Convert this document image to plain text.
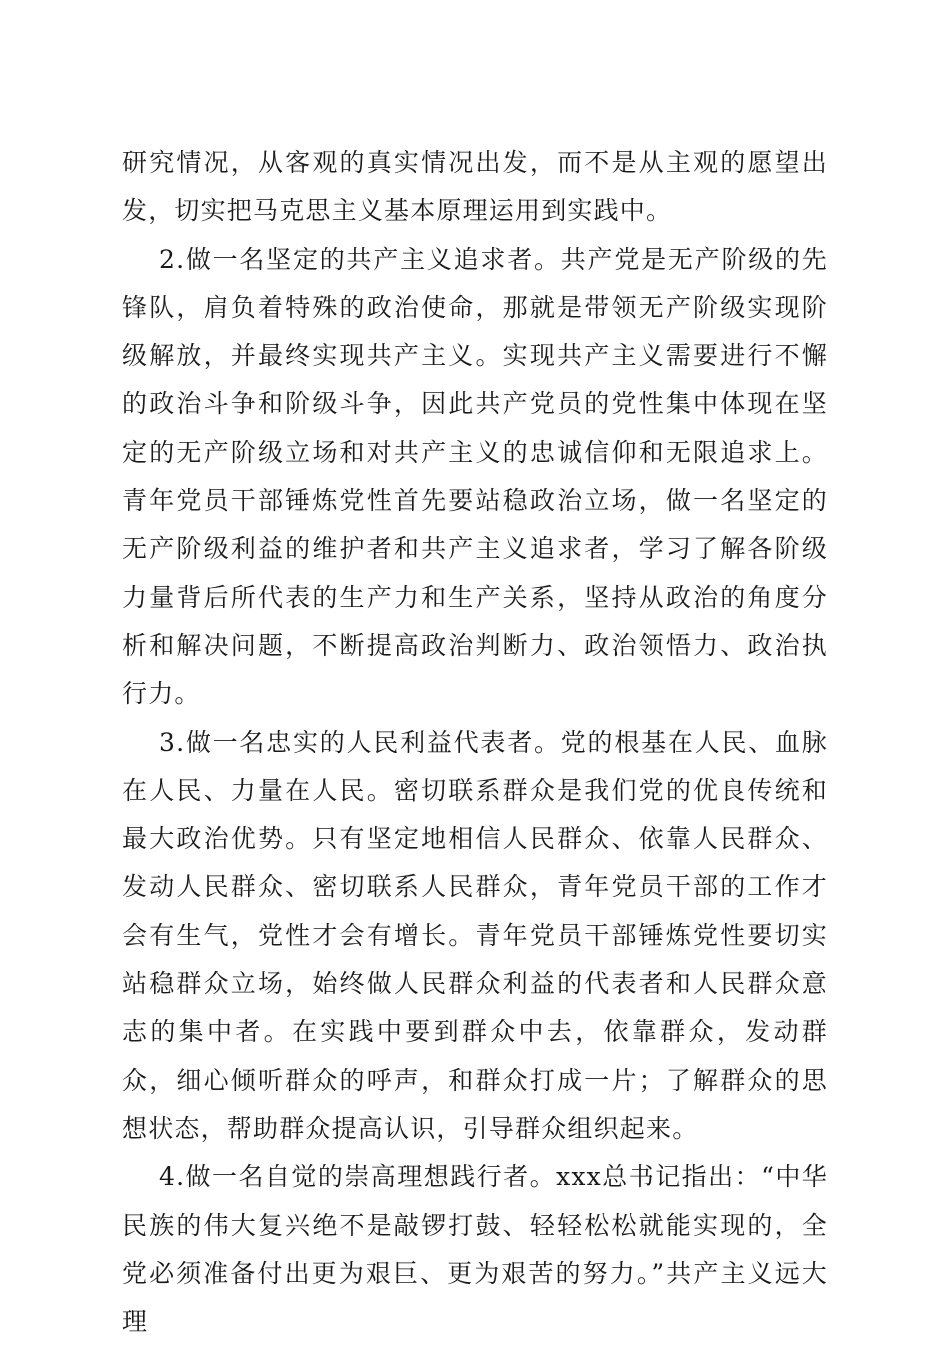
研究情况，从客观的真实情况出发，而不是从主观的愿望出发，切实把马克思主义基本原理运用到实践中。

2.做一名坚定的共产主义追求者。共产党是无产阶级的先锋队，肩负着特殊的政治使命，那就是带领无产阶级实现阶级解放，并最终实现共产主义。实现共产主义需要进行不懈的政治斗争和阶级斗争，因此共产党员的党性集中体现在坚定的无产阶级立场和对共产主义的忠诚信仰和无限追求上。青年党员干部锤炼党性首先要站稳政治立场，做一名坚定的无产阶级利益的维护者和共产主义追求者，学习了解各阶级力量背后所代表的生产力和生产关系，坚持从政治的角度分析和解决问题，不断提高政治判断力、政治领悟力、政治执行力。

3.做一名忠实的人民利益代表者。党的根基在人民、血脉在人民、力量在人民。密切联系群众是我们党的优良传统和最大政治优势。只有坚定地相信人民群众、依靠人民群众、发动人民群众、密切联系人民群众，青年党员干部的工作才会有生气，党性才会有增长。青年党员干部锤炼党性要切实站稳群众立场，始终做人民群众利益的代表者和人民群众意志的集中者。在实践中要到群众中去，依靠群众，发动群众，细心倾听群众的呼声，和群众打成一片；了解群众的思想状态，帮助群众提高认识，引导群众组织起来。

4.做一名自觉的崇高理想践行者。xxx总书记指出：“中华民族的伟大复兴绝不是敲锣打鼓、轻轻松松就能实现的，全党必须准备付出更为艰巨、更为艰苦的努力。”共产主义远大理
